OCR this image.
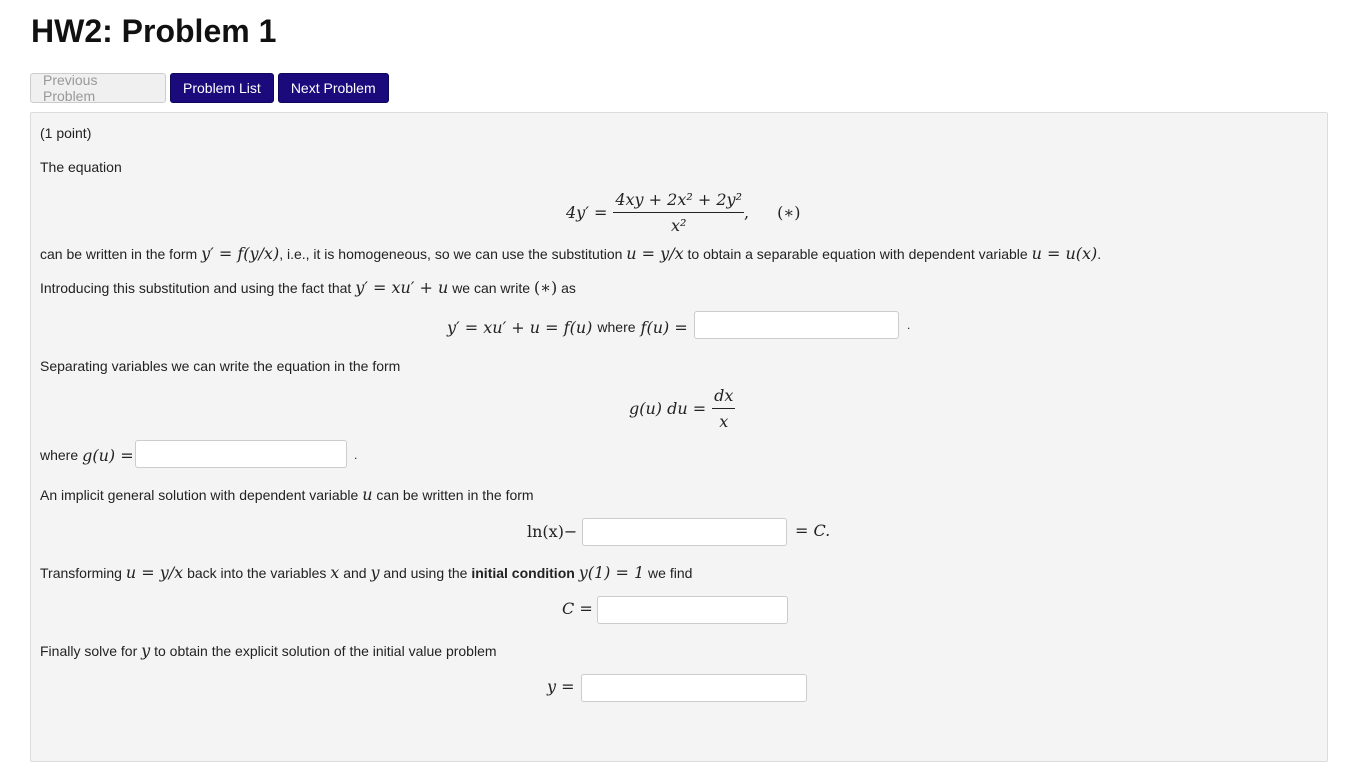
HW2: Problem 1
Previous Problem	Problem List	Next Problem
(1 point)
The equation
$4y' = \frac{\text{4xy + 2x² + 2y²}}{\text{x²}}$ , (∗)
can be written in the form y′ = f(y/x), i.e., it is homogeneous, so we can use the substitution u = y/x to obtain a separable equation with dependent variable u = u(x).
Introducing this substitution and using the fact that y′ = xu′ + u we can write (∗) as
y′ = xu′ + u = f(u) where f(u) =	.
Separating variables we can write the equation in the form
g(u) du = $\frac{dx}{x}$
where g(u) =	.
An implicit general solution with dependent variable u can be written in the form
ln(x)−	= C.
Transforming u = y/x back into the variables x and y and using the initial condition y(1) = 1 we find
C =
Finally solve for y to obtain the explicit solution of the initial value problem
y =
